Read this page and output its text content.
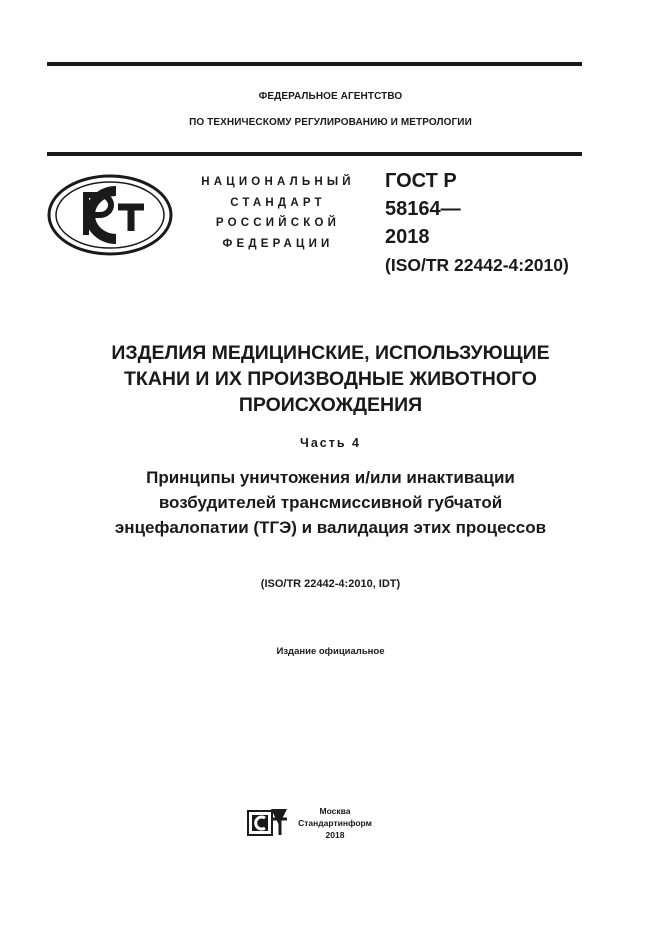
ФЕДЕРАЛЬНОЕ АГЕНТСТВО
ПО ТЕХНИЧЕСКОМУ РЕГУЛИРОВАНИЮ И МЕТРОЛОГИИ
НАЦИОНАЛЬНЫЙ
СТАНДАРТ
РОССИЙСКОЙ
ФЕДЕРАЦИИ
ГОСТ Р
58164—
2018
(ISO/TR 22442-4:2010)
ИЗДЕЛИЯ МЕДИЦИНСКИЕ, ИСПОЛЬЗУЮЩИЕ
ТКАНИ И ИХ ПРОИЗВОДНЫЕ ЖИВОТНОГО
ПРОИСХОЖДЕНИЯ
Часть 4
Принципы уничтожения и/или инактивации
возбудителей трансмиссивной губчатой
энцефалопатии (ТГЭ) и валидация этих процессов
(ISO/TR 22442-4:2010, IDT)
Издание официальное
Москва
Стандартинформ
2018
